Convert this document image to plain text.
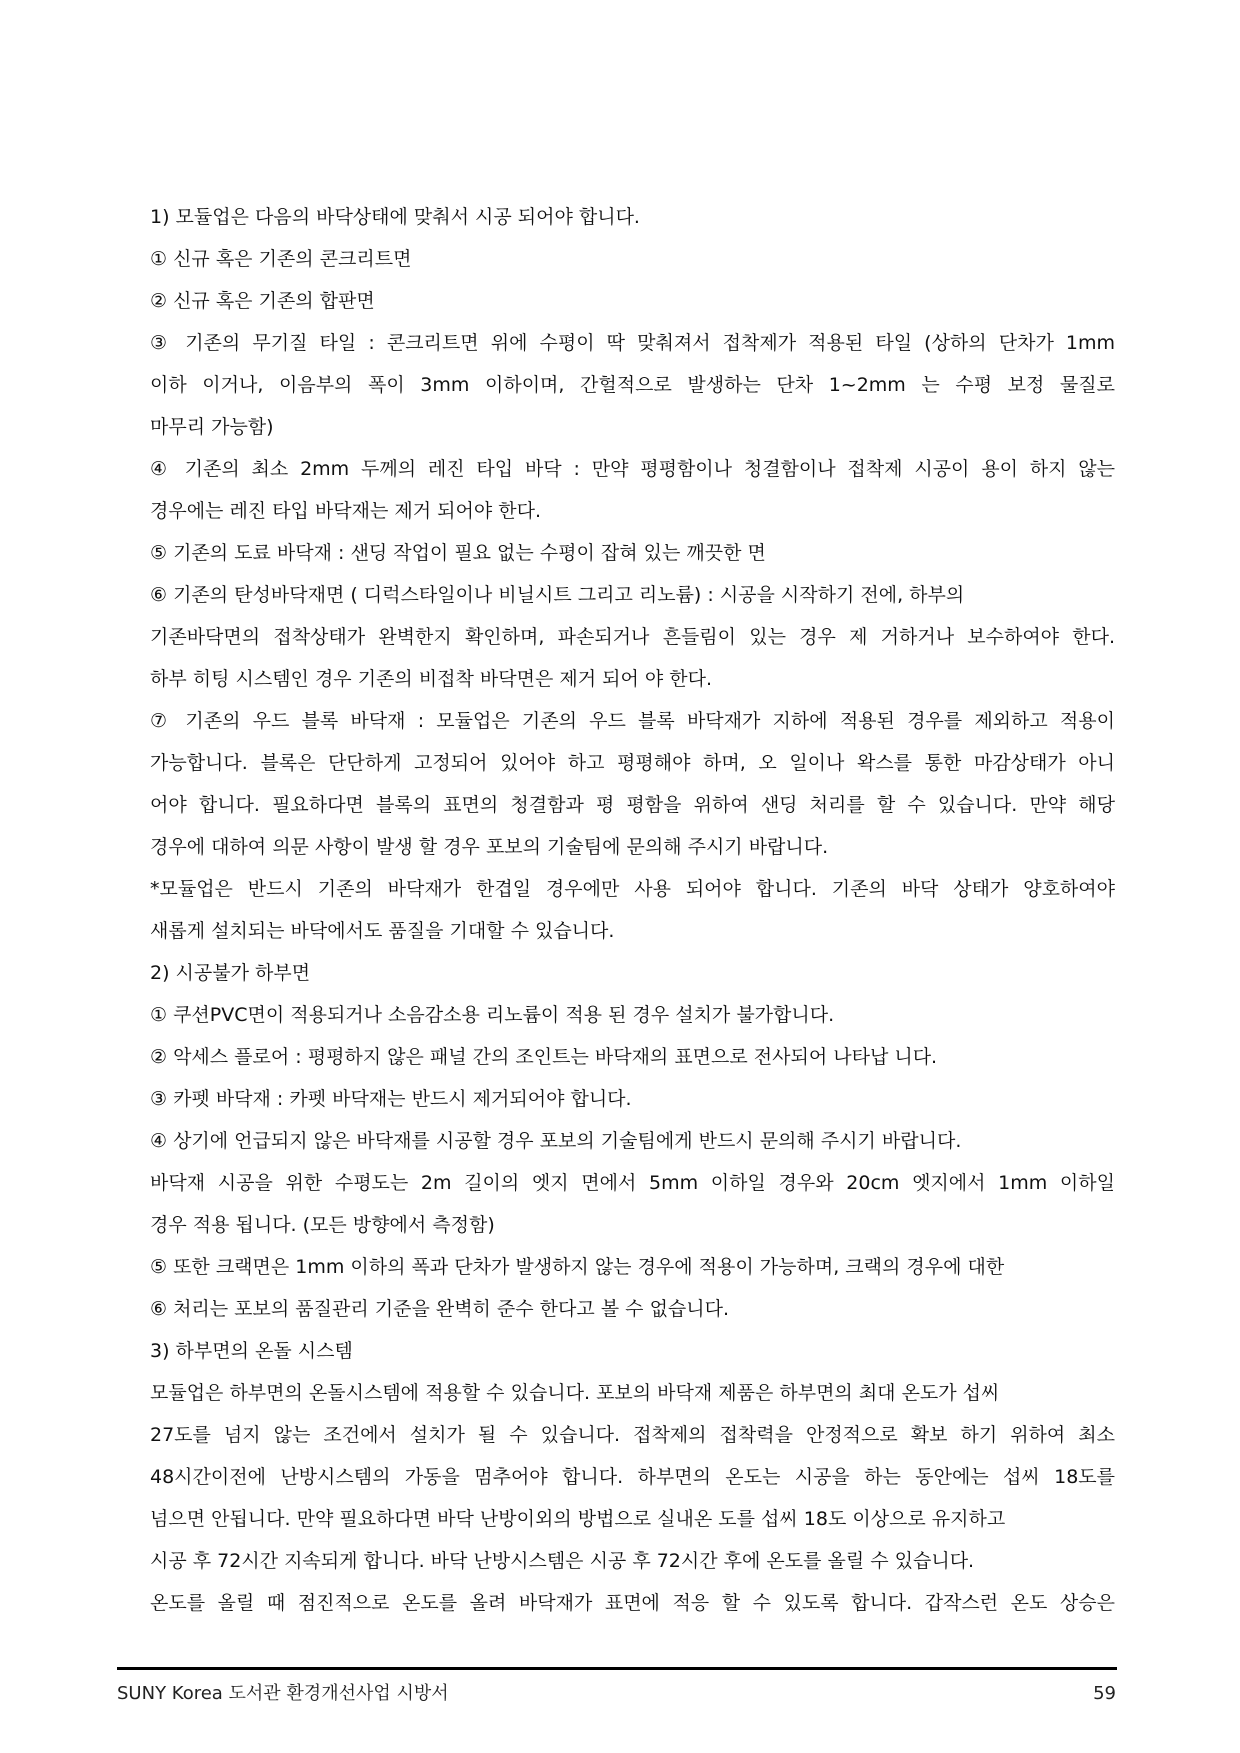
1) 모듈업은 다음의 바닥상태에 맞춰서 시공 되어야 합니다.
① 신규 혹은 기존의 콘크리트면
② 신규 혹은 기존의 합판면
③ 기존의 무기질 타일 : 콘크리트면 위에 수평이 딱 맞춰져서 접착제가 적용된 타일 (상하의 단차가 1mm
이하 이거나, 이음부의 폭이 3mm 이하이며, 간헐적으로 발생하는 단차 1~2mm 는 수평 보정 물질로
마무리 가능함)
④ 기존의 최소 2mm 두께의 레진 타입 바닥 : 만약 평평함이나 청결함이나 접착제 시공이 용이 하지 않는
경우에는 레진 타입 바닥재는 제거 되어야 한다.
⑤ 기존의 도료 바닥재 : 샌딩 작업이 필요 없는 수평이 잡혀 있는 깨끗한 면
⑥ 기존의 탄성바닥재면 ( 디럭스타일이나 비닐시트 그리고 리노륨) : 시공을 시작하기 전에, 하부의
기존바닥면의 접착상태가 완벽한지 확인하며, 파손되거나 흔들림이 있는 경우 제 거하거나 보수하여야 한다.
하부 히팅 시스템인 경우 기존의 비접착 바닥면은 제거 되어 야 한다.
⑦ 기존의 우드 블록 바닥재 : 모듈업은 기존의 우드 블록 바닥재가 지하에 적용된 경우를 제외하고 적용이
가능합니다. 블록은 단단하게 고정되어 있어야 하고 평평해야 하며, 오 일이나 왁스를 통한 마감상태가 아니
어야 합니다. 필요하다면 블록의 표면의 청결함과 평 평함을 위하여 샌딩 처리를 할 수 있습니다. 만약 해당
경우에 대하여 의문 사항이 발생 할 경우 포보의 기술팀에 문의해 주시기 바랍니다.
*모듈업은 반드시 기존의 바닥재가 한겹일 경우에만 사용 되어야 합니다. 기존의 바닥 상태가 양호하여야
새롭게 설치되는 바닥에서도 품질을 기대할 수 있습니다.
2) 시공불가 하부면
① 쿠션PVC면이 적용되거나 소음감소용 리노륨이 적용 된 경우 설치가 불가합니다.
② 악세스 플로어 : 평평하지 않은 패널 간의 조인트는 바닥재의 표면으로 전사되어 나타납 니다.
③ 카펫 바닥재 : 카펫 바닥재는 반드시 제거되어야 합니다.
④ 상기에 언급되지 않은 바닥재를 시공할 경우 포보의 기술팀에게 반드시 문의해 주시기 바랍니다.
바닥재 시공을 위한 수평도는 2m 길이의 엣지 면에서 5mm 이하일 경우와 20cm 엣지에서 1mm 이하일
경우 적용 됩니다. (모든 방향에서 측정함)
⑤ 또한 크랙면은 1mm 이하의 폭과 단차가 발생하지 않는 경우에 적용이 가능하며, 크랙의 경우에 대한
⑥ 처리는 포보의 품질관리 기준을 완벽히 준수 한다고 볼 수 없습니다.
3) 하부면의 온돌 시스템
모듈업은 하부면의 온돌시스템에 적용할 수 있습니다. 포보의 바닥재 제품은 하부면의 최대 온도가 섭씨
27도를 넘지 않는 조건에서 설치가 될 수 있습니다. 접착제의 접착력을 안정적으로 확보 하기 위하여 최소
48시간이전에 난방시스템의 가동을 멈추어야 합니다. 하부면의 온도는 시공을 하는 동안에는 섭씨 18도를
넘으면 안됩니다. 만약 필요하다면 바닥 난방이외의 방법으로 실내온 도를 섭씨 18도 이상으로 유지하고
시공 후 72시간 지속되게 합니다. 바닥 난방시스템은 시공 후 72시간 후에 온도를 올릴 수 있습니다.
온도를 올릴 때 점진적으로 온도를 올려 바닥재가 표면에 적응 할 수 있도록 합니다. 갑작스런 온도 상승은
SUNY Korea 도서관 환경개선사업 시방서	59
